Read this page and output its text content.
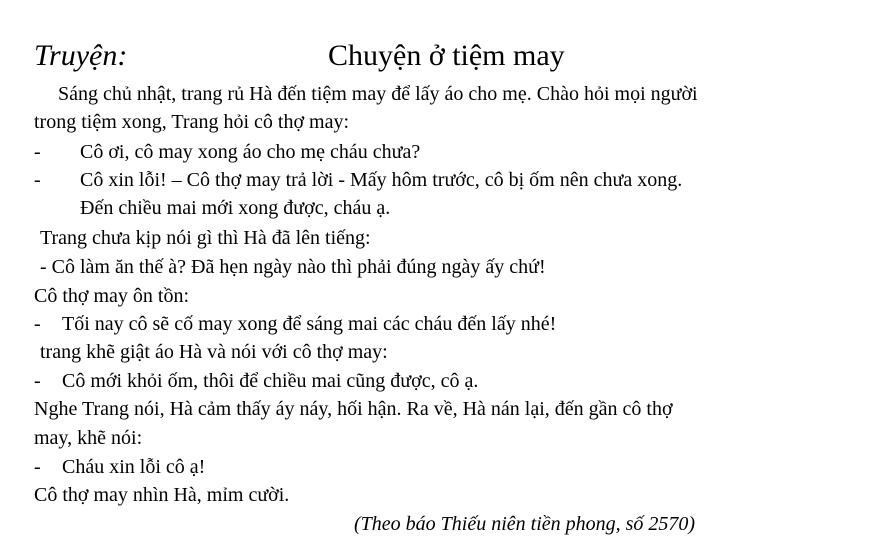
Truyện:	Chuyện ở tiệm may
Sáng chủ nhật, trang rủ Hà đến tiệm may để lấy áo cho mẹ. Chào hỏi mọi người
trong tiệm xong, Trang hỏi cô thợ may:
- Cô ơi, cô may xong áo cho mẹ cháu chưa?
- Cô xin lỗi! – Cô thợ may trả lời - Mấy hôm trước, cô bị ốm nên chưa xong.
Đến chiều mai mới xong được, cháu ạ.
Trang chưa kịp nói gì thì Hà đã lên tiếng:
- Cô làm ăn thế à? Đã hẹn ngày nào thì phải đúng ngày ấy chứ!
Cô thợ may ôn tồn:
- Tối nay cô sẽ cố may xong để sáng mai các cháu đến lấy nhé!
trang khẽ giật áo Hà và nói với cô thợ may:
- Cô mới khỏi ốm, thôi để chiều mai cũng được, cô ạ.
Nghe Trang nói, Hà cảm thấy áy náy, hối hận. Ra về, Hà nán lại, đến gần cô thợ
may, khẽ nói:
- Cháu xin lỗi cô ạ!
Cô thợ may nhìn Hà, mỉm cười.
(Theo báo Thiếu niên tiền phong, số 2570)
